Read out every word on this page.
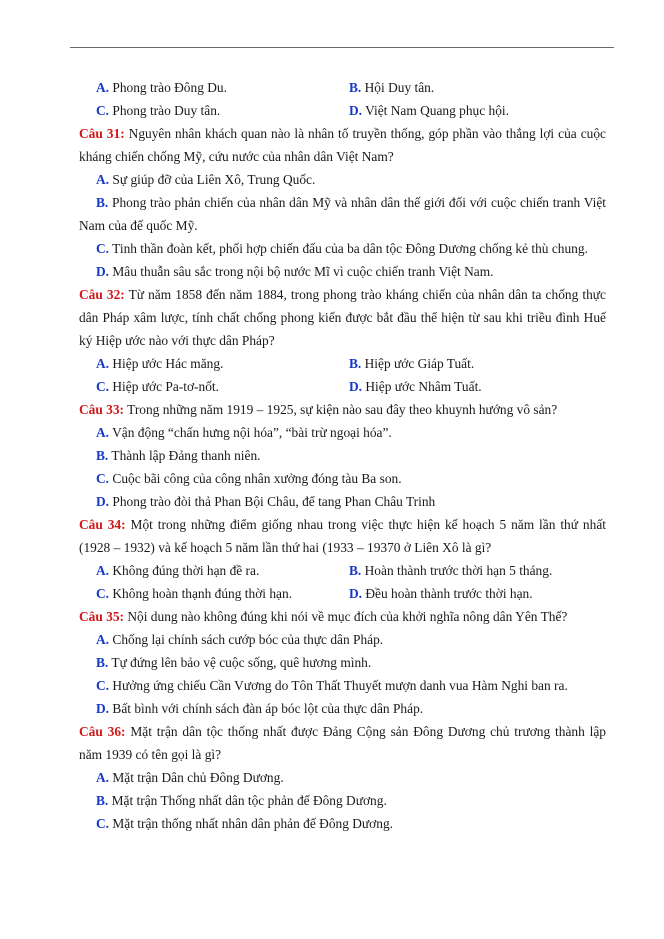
A. Phong trào Đông Du.	B. Hội Duy tân.
C. Phong trào Duy tân.	D. Việt Nam Quang phục hội.
Câu 31: Nguyên nhân khách quan nào là nhân tố truyền thống, góp phần vào thắng lợi của cuộc kháng chiến chống Mỹ, cứu nước của nhân dân Việt Nam?
A. Sự giúp đỡ của Liên Xô, Trung Quốc.
B. Phong trào phản chiến của nhân dân Mỹ và nhân dân thế giới đối với cuộc chiến tranh Việt Nam của đế quốc Mỹ.
C. Tinh thần đoàn kết, phối hợp chiến đấu của ba dân tộc Đông Dương chống kẻ thù chung.
D. Mâu thuẫn sâu sắc trong nội bộ nước Mĩ vì cuộc chiến tranh Việt Nam.
Câu 32: Từ năm 1858 đến năm 1884, trong phong trào kháng chiến của nhân dân ta chống thực dân Pháp xâm lược, tính chất chống phong kiến được bắt đầu thể hiện từ sau khi triều đình Huế ký Hiệp ước nào với thực dân Pháp?
A. Hiệp ước Hác măng.	B. Hiệp ước Giáp Tuất.
C. Hiệp ước Pa-tơ-nốt.	D. Hiệp ước Nhâm Tuất.
Câu 33: Trong những năm 1919 – 1925, sự kiện nào sau đây theo khuynh hướng vô sản?
A. Vận động “chấn hưng nội hóa”, “bài trừ ngoại hóa”.
B. Thành lập Đảng thanh niên.
C. Cuộc bãi công của công nhân xưởng đóng tàu Ba son.
D. Phong trào đòi thả Phan Bội Châu, để tang Phan Châu Trinh
Câu 34: Một trong những điểm giống nhau trong việc thực hiện kế hoạch 5 năm lần thứ nhất (1928 – 1932) và kế hoạch 5 năm lần thứ hai (1933 – 19370 ở Liên Xô là gì?
A. Không đúng thời hạn đề ra.	B. Hoàn thành trước thời hạn 5 tháng.
C. Không hoàn thạnh đúng thời hạn.	D. Đều hoàn thành trước thời hạn.
Câu 35: Nội dung nào không đúng khi nói về mục đích của khởi nghĩa nông dân Yên Thế?
A. Chống lại chính sách cướp bóc của thực dân Pháp.
B. Tự đứng lên bảo vệ cuộc sống, quê hương mình.
C. Hưởng ứng chiếu Cần Vương do Tôn Thất Thuyết mượn danh vua Hàm Nghi ban ra.
D. Bất bình với chính sách đàn áp bóc lột của thực dân Pháp.
Câu 36: Mặt trận dân tộc thống nhất được Đảng Cộng sản Đông Dương chủ trương thành lập năm 1939 có tên gọi là gì?
A. Mặt trận Dân chủ Đông Dương.
B. Mặt trận Thống nhất dân tộc phản đế Đông Dương.
C. Mặt trận thống nhất nhân dân phản đế Đông Dương.
